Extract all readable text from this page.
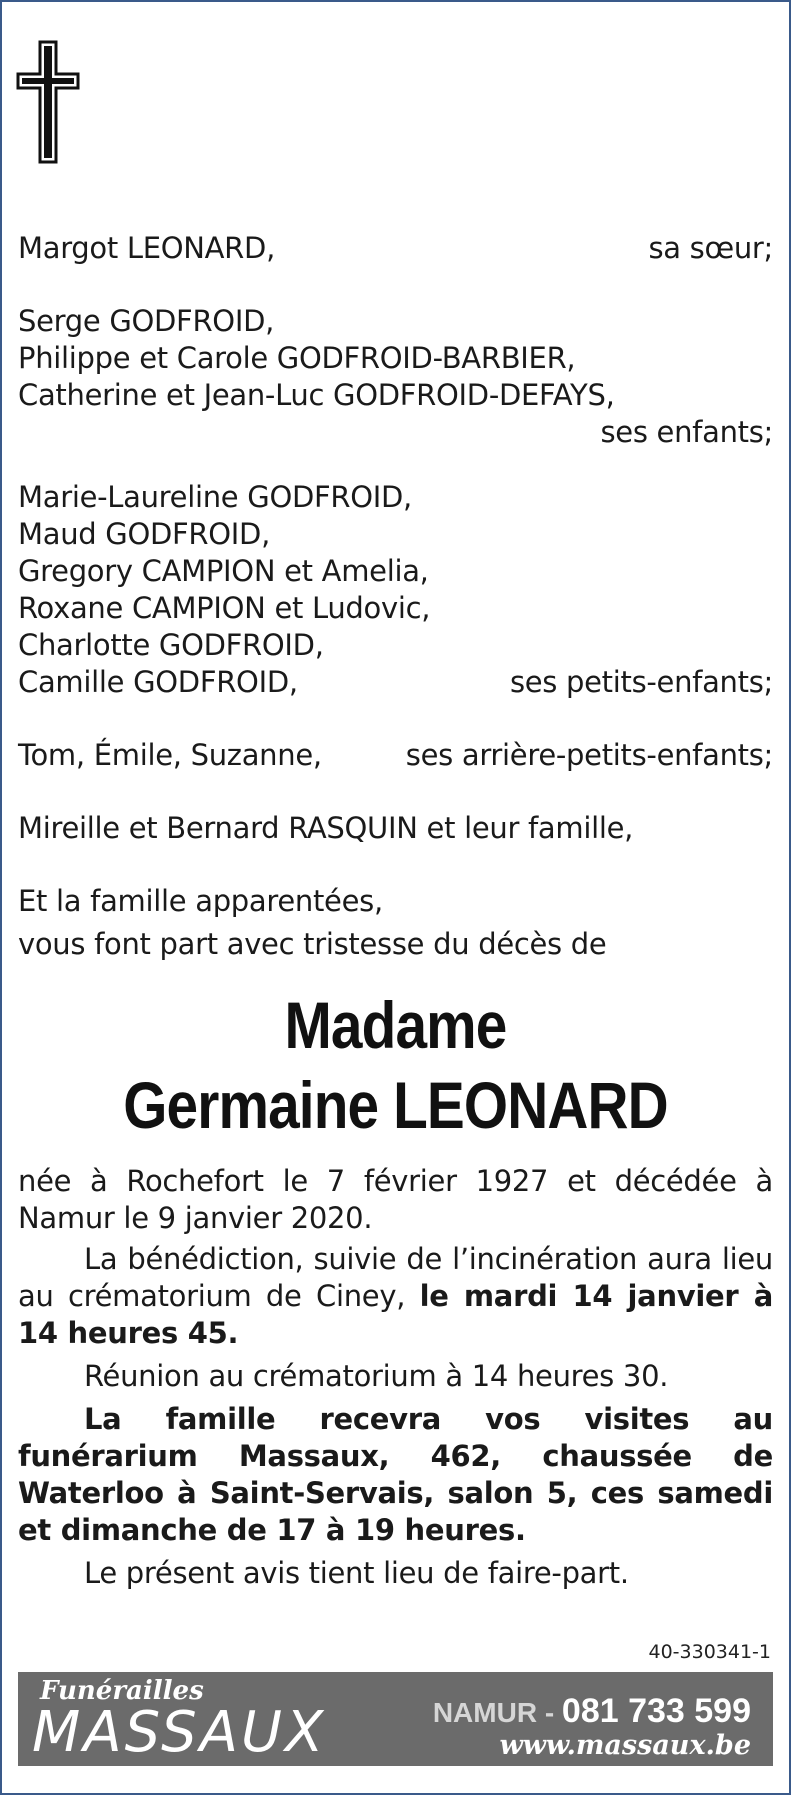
Margot LEONARD,	sa sœur;
Serge GODFROID,
Philippe et Carole GODFROID-BARBIER,
Catherine et Jean-Luc GODFROID-DEFAYS,
ses enfants;
Marie-Laureline GODFROID,
Maud GODFROID,
Gregory CAMPION et Amelia,
Roxane CAMPION et Ludovic,
Charlotte GODFROID,
Camille GODFROID,	ses petits-enfants;
Tom, Émile, Suzanne,	ses arrière-petits-enfants;
Mireille et Bernard RASQUIN et leur famille,
Et la famille apparentées,
vous font part avec tristesse du décès de
Madame
Germaine LEONARD
née à Rochefort le 7 février 1927 et décédée à Namur le 9 janvier 2020.
La bénédiction, suivie de l’incinération aura lieu au crématorium de Ciney, le mardi 14 janvier à 14 heures 45.
Réunion au crématorium à 14 heures 30.
La famille recevra vos visites au funérarium Massaux, 462, chaussée de Waterloo à Saint-Servais, salon 5, ces samedi et dimanche de 17 à 19 heures.
Le présent avis tient lieu de faire-part.
40-330341-1
Funérailles
MASSAUX	NAMUR - 081 733 599
www.massaux.be
